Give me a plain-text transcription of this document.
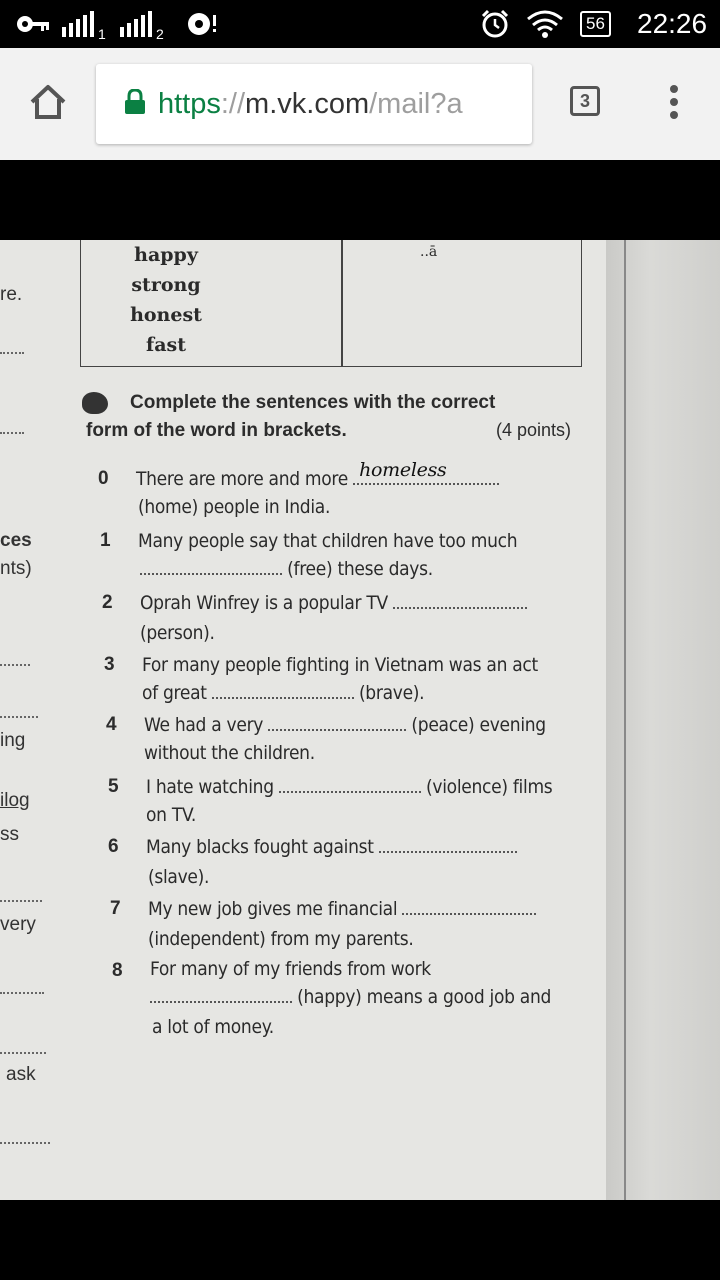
1	2
56 22:26
https://m.vk.com/mail?a	3
re.
ces
nts)
ing
ilog
ss
very
ask
happy
strong
honest
fast
..ā
Complete the sentences with the correct
form of the word in brackets.	(4 points)
0 There are more and more homeless
(home) people in India.
1 Many people say that children have too much
(free) these days.
2 Oprah Winfrey is a popular TV
(person).
3 For many people fighting in Vietnam was an act
of great	(brave).
4 We had a very	(peace) evening
without the children.
5 I hate watching	(violence) films
on TV.
6 Many blacks fought against
(slave).
7 My new job gives me financial
(independent) from my parents.
8 For many of my friends from work
(happy) means a good job and
a lot of money.
